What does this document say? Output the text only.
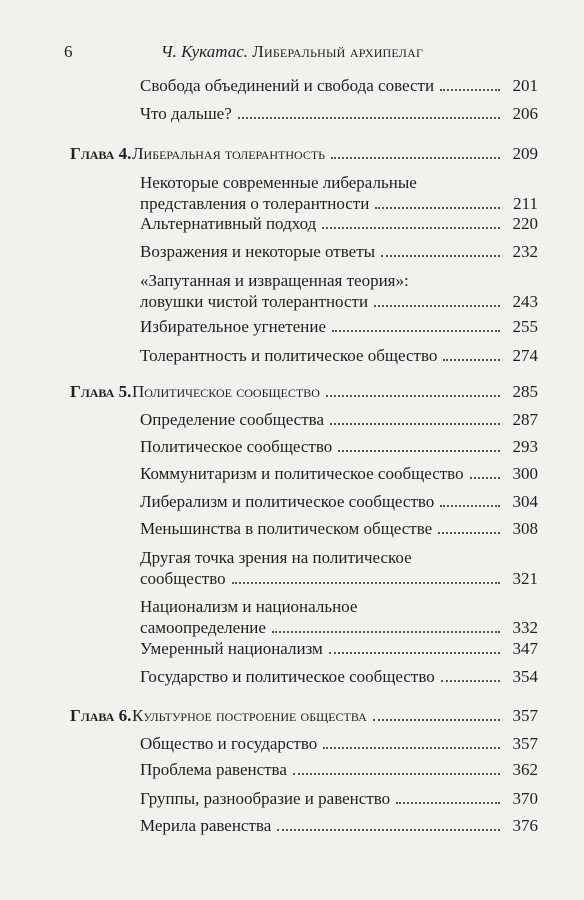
6	Ч. Кукатас. Либеральный архипелаг
Свобода объединений и свобода совести	201
Что дальше?	206
Глава 4. Либеральная толерантность	209
Некоторые современные либеральные
представления о толерантности	211
Альтернативный подход	220
Возражения и некоторые ответы	232
«Запутанная и извращенная теория»:
ловушки чистой толерантности	243
Избирательное угнетение	255
Толерантность и политическое общество	274
Глава 5. Политическое сообщество	285
Определение сообщества	287
Политическое сообщество	293
Коммунитаризм и политическое сообщество	300
Либерализм и политическое сообщество	304
Меньшинства в политическом обществе	308
Другая точка зрения на политическое
сообщество	321
Национализм и национальное
самоопределение	332
Умеренный национализм	347
Государство и политическое сообщество	354
Глава 6. Культурное построение общества	357
Общество и государство	357
Проблема равенства	362
Группы, разнообразие и равенство	370
Мерила равенства	376
